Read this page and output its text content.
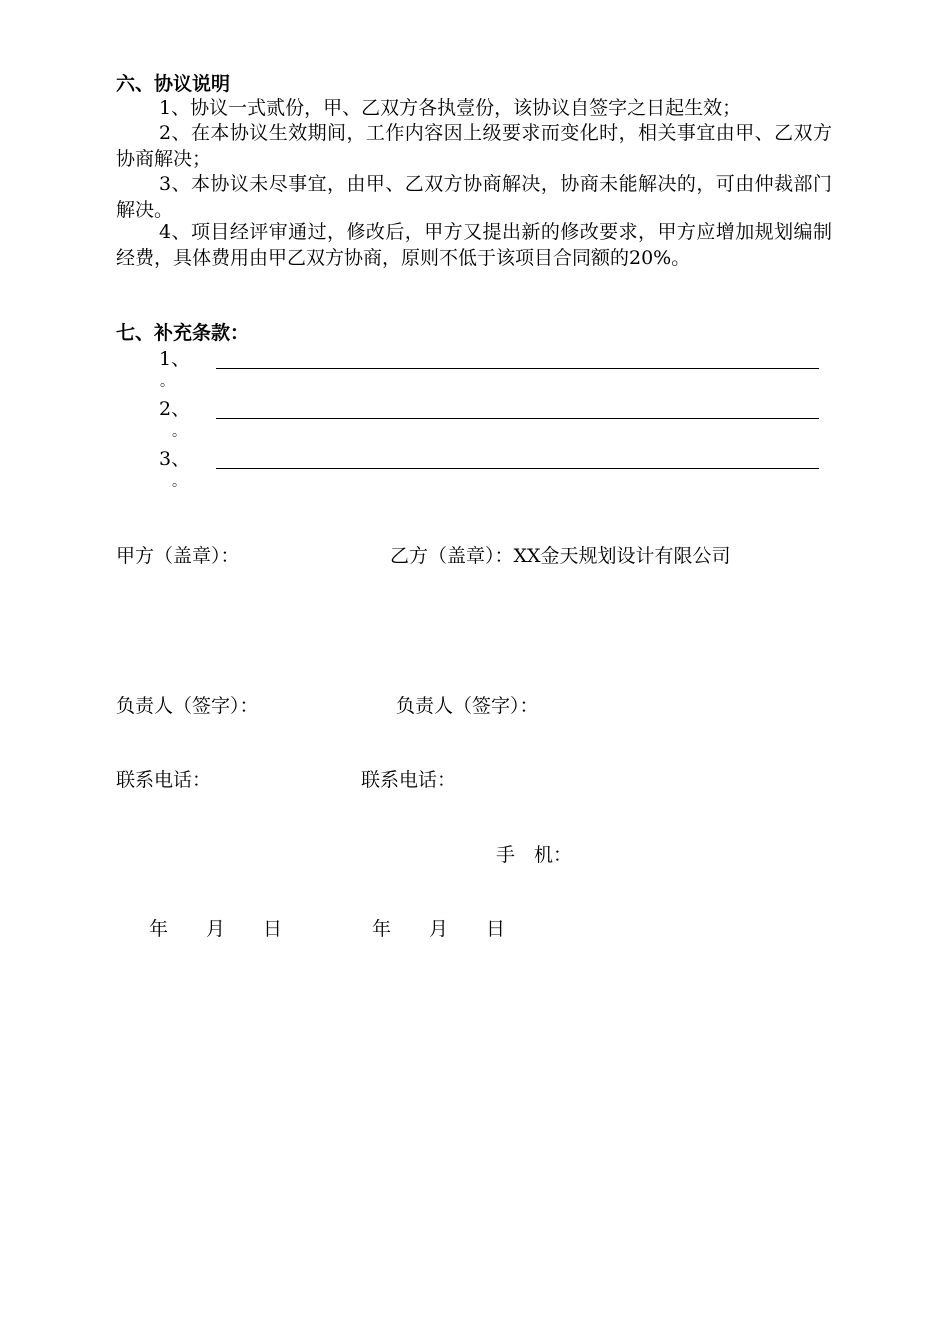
六、协议说明
1、协议一式贰份，甲、乙双方各执壹份，该协议自签字之日起生效；
2、在本协议生效期间，工作内容因上级要求而变化时，相关事宜由甲、乙双方协商解决；
3、本协议未尽事宜，由甲、乙双方协商解决，协商未能解决的，可由仲裁部门解决。
4、项目经评审通过，修改后，甲方又提出新的修改要求，甲方应增加规划编制经费，具体费用由甲乙双方协商，原则不低于该项目合同额的20%。
七、补充条款：
1、
。
2、
。
3、
。
甲方（盖章）：	乙方（盖章）：XX金天规划设计有限公司
负责人（签字）：	负责人（签字）：
联系电话：	联系电话：
手　机：
年　　月　　日	年　　月　　日
